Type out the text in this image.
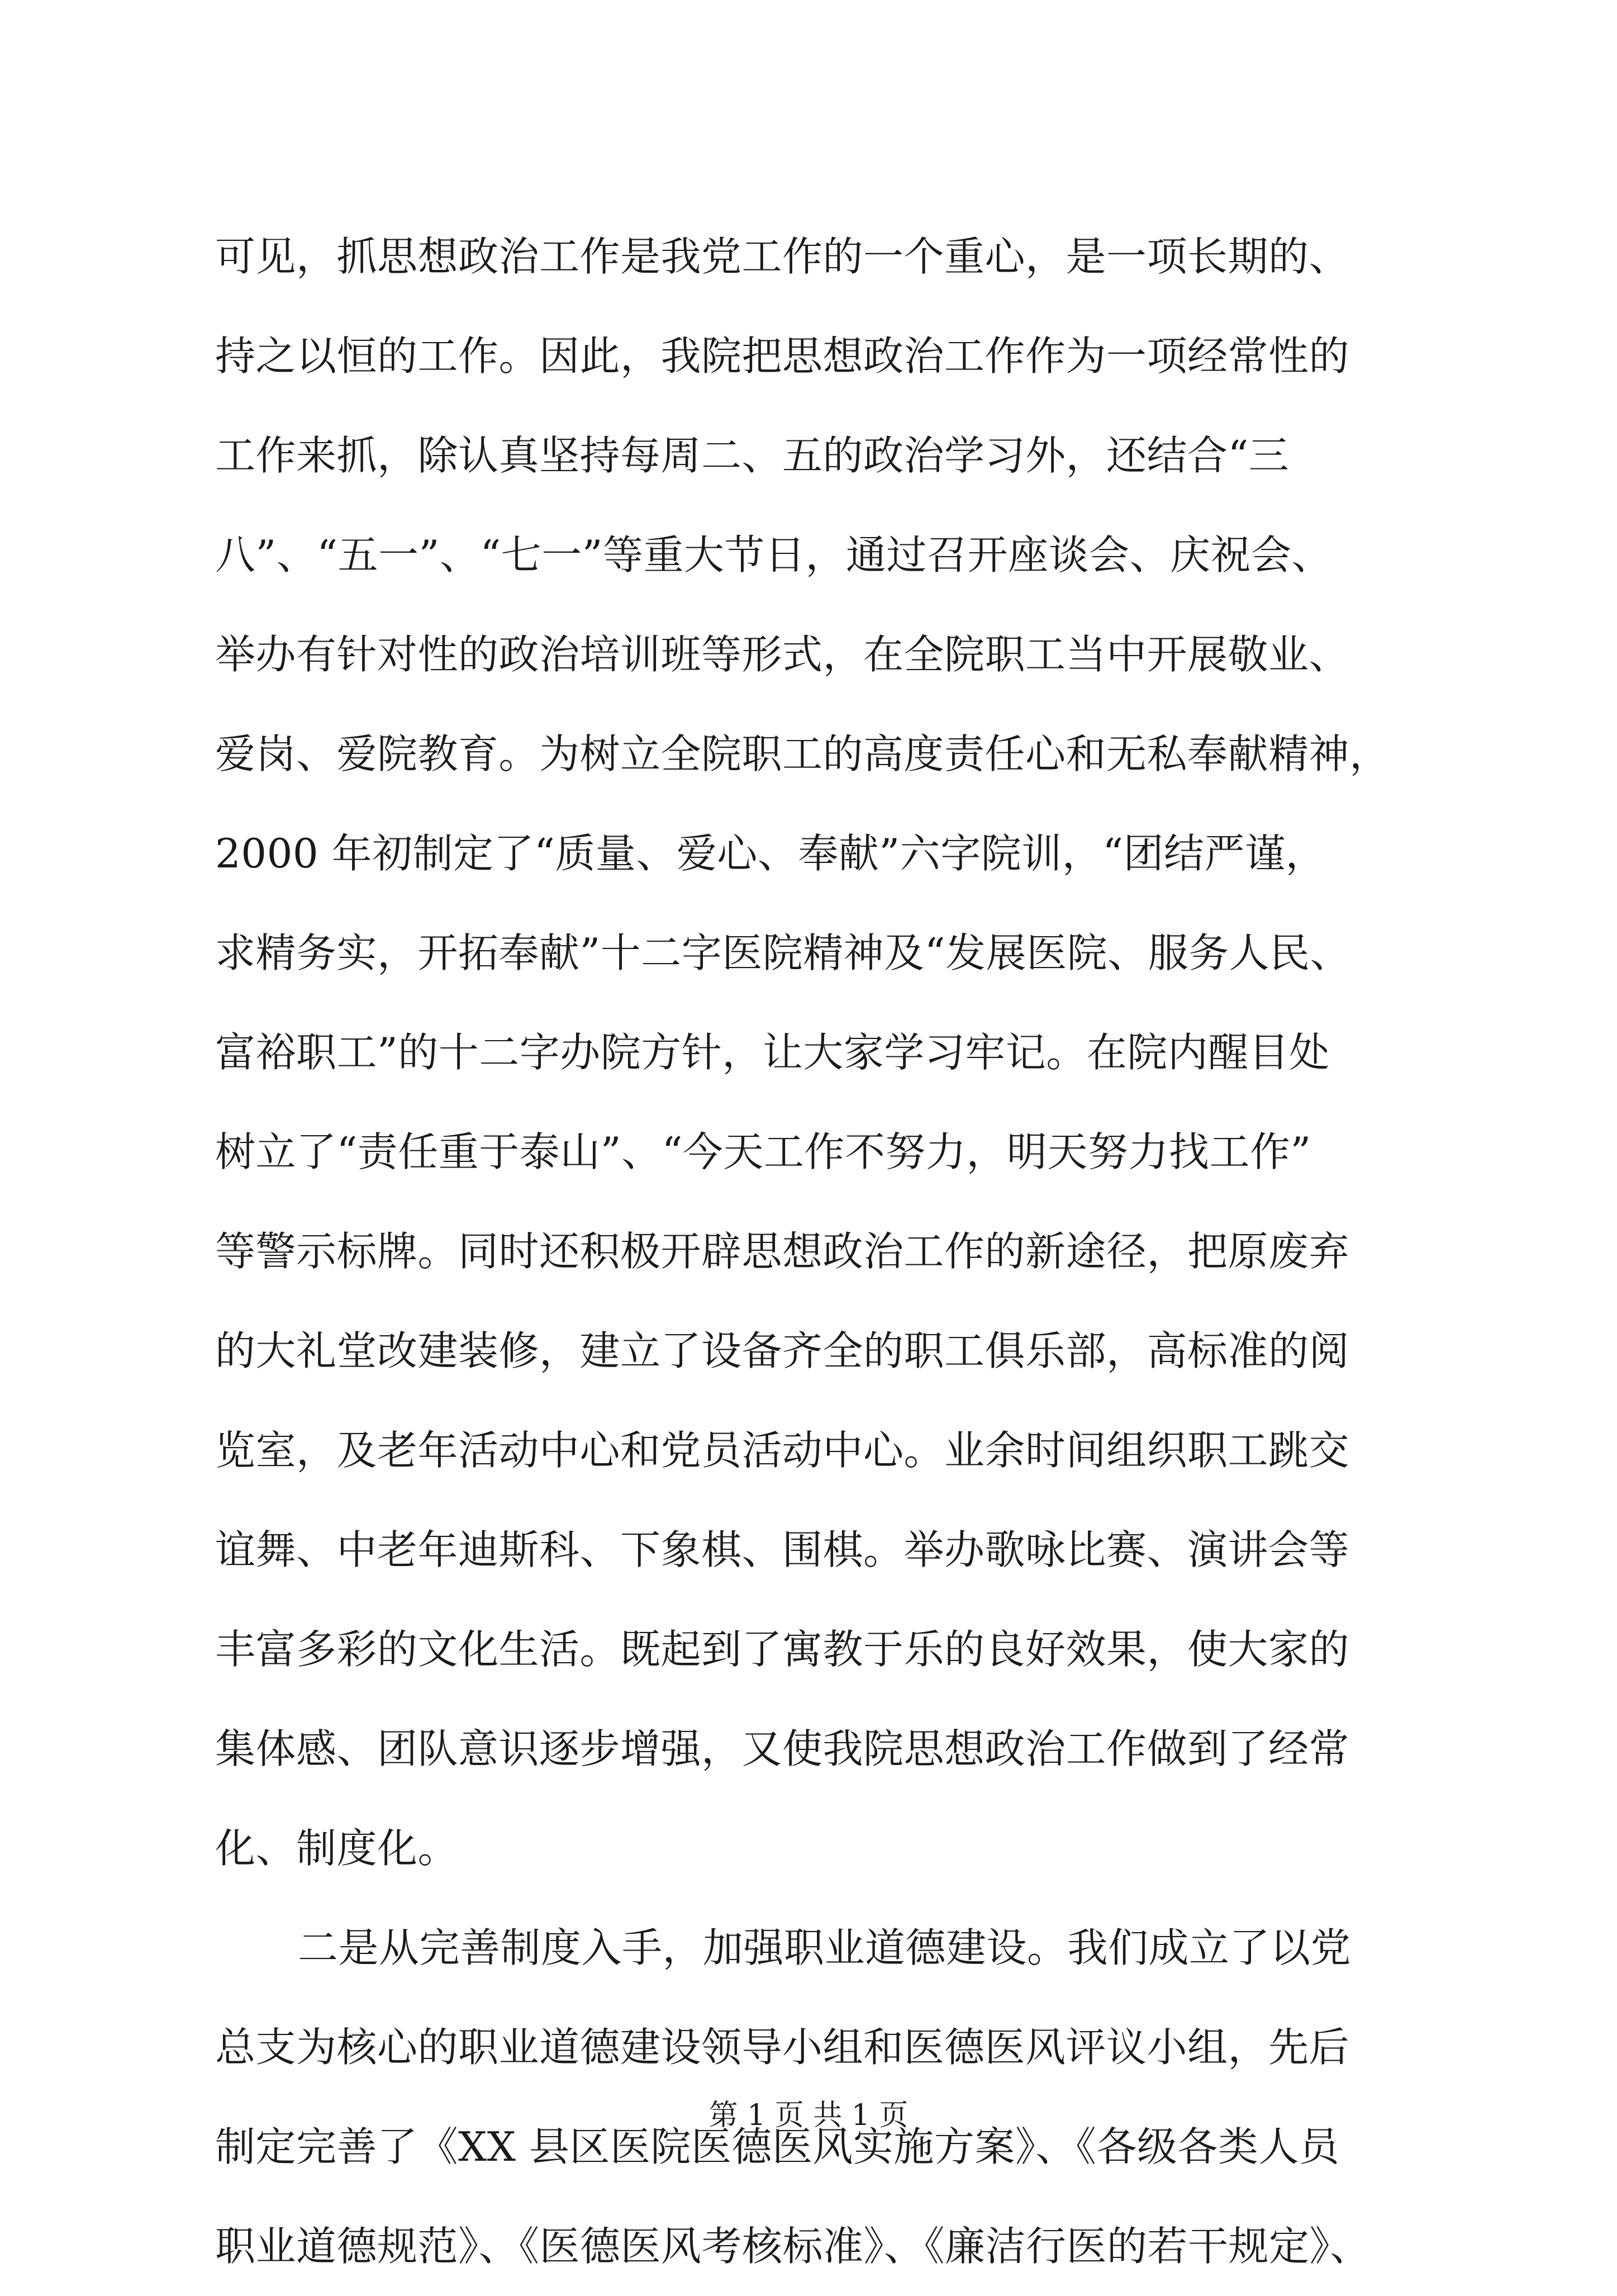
可见，抓思想政治工作是我党工作的一个重心，是一项长期的、
持之以恒的工作。因此，我院把思想政治工作作为一项经常性的
工作来抓，除认真坚持每周二、五的政治学习外，还结合“三
八”、“五一”、“七一”等重大节日，通过召开座谈会、庆祝会、
举办有针对性的政治培训班等形式，在全院职工当中开展敬业、
爱岗、爱院教育。为树立全院职工的高度责任心和无私奉献精神，
2000 年初制定了“质量、爱心、奉献”六字院训，“团结严谨，
求精务实，开拓奉献”十二字医院精神及“发展医院、服务人民、
富裕职工”的十二字办院方针，让大家学习牢记。在院内醒目处
树立了“责任重于泰山”、“今天工作不努力，明天努力找工作”
等警示标牌。同时还积极开辟思想政治工作的新途径，把原废弃
的大礼堂改建装修，建立了设备齐全的职工俱乐部，高标准的阅
览室，及老年活动中心和党员活动中心。业余时间组织职工跳交
谊舞、中老年迪斯科、下象棋、围棋。举办歌咏比赛、演讲会等
丰富多彩的文化生活。既起到了寓教于乐的良好效果，使大家的
集体感、团队意识逐步增强，又使我院思想政治工作做到了经常
化、制度化。
二是从完善制度入手，加强职业道德建设。我们成立了以党
总支为核心的职业道德建设领导小组和医德医风评议小组，先后
制定完善了《XX 县区医院医德医风实施方案》、《各级各类人员
职业道德规范》、《医德医风考核标准》、《廉洁行医的若干规定》、
第 1 页 共 1 页
